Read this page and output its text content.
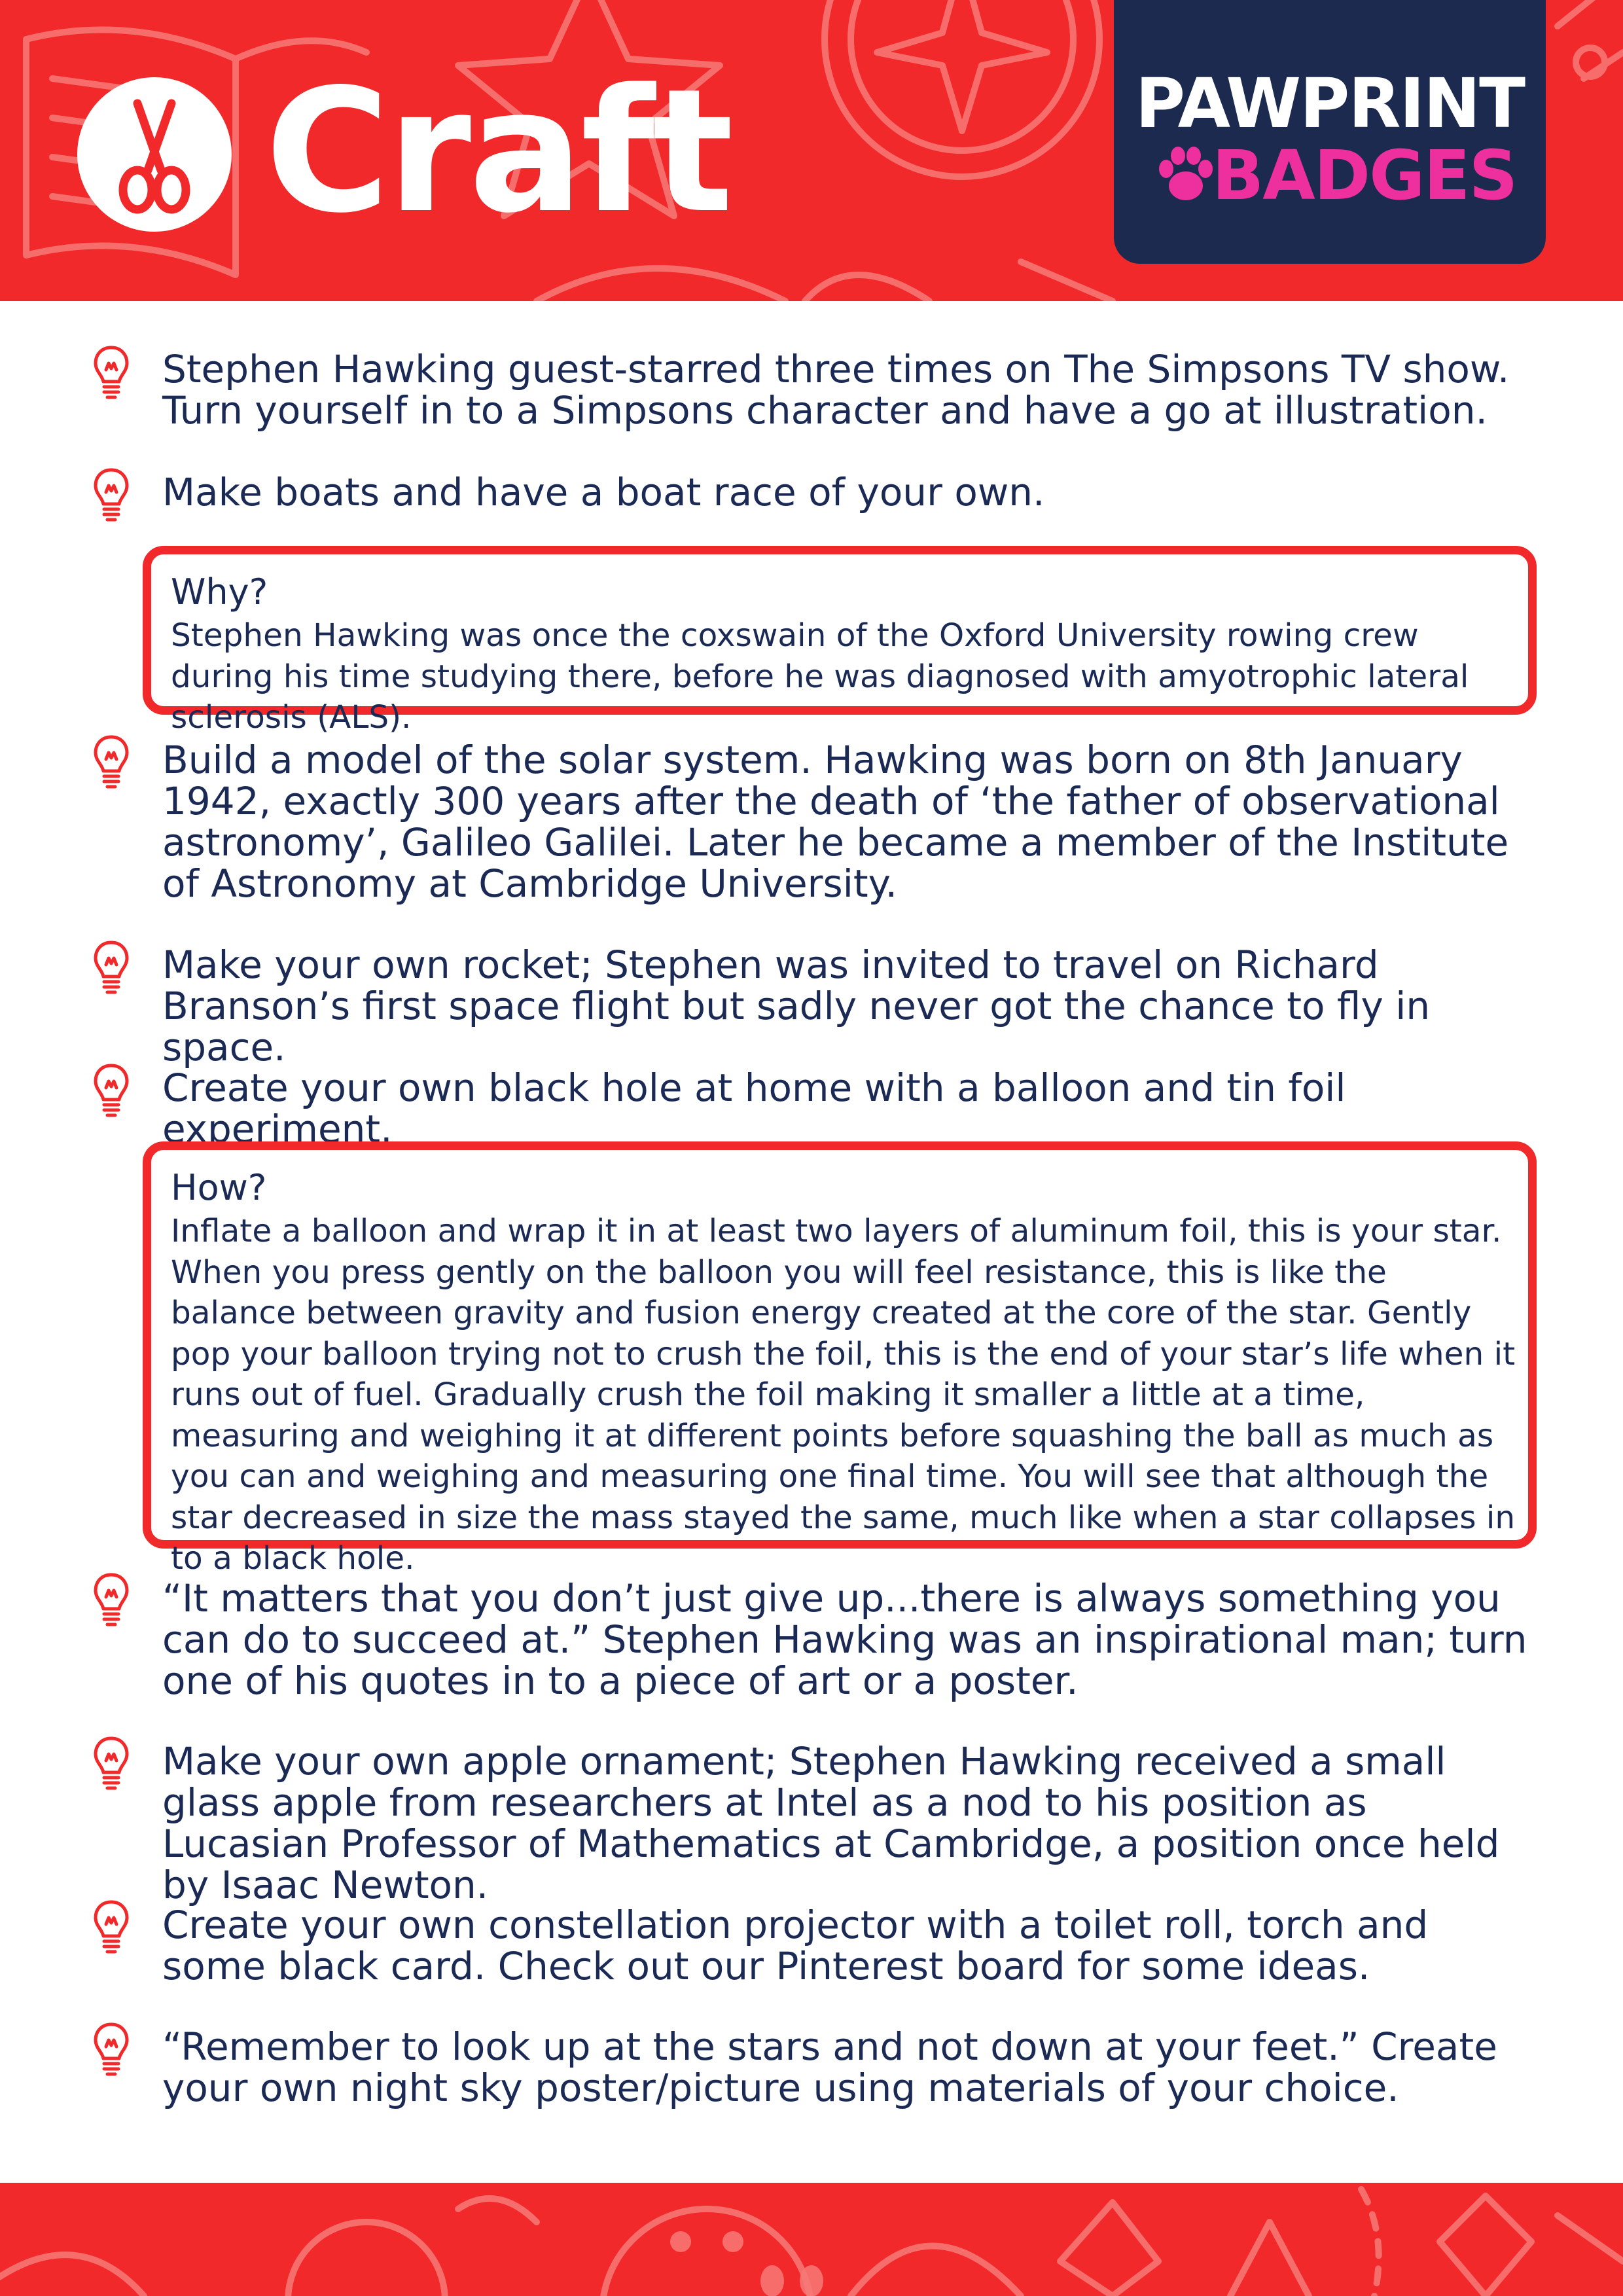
Craft	PAWPRINT
BADGES
Stephen Hawking guest-starred three times on The Simpsons TV show. Turn yourself in to a Simpsons character and have a go at illustration.
Make boats and have a boat race of your own.
Why?
Stephen Hawking was once the coxswain of the Oxford University rowing crew during his time studying there, before he was diagnosed with amyotrophic lateral sclerosis (ALS).
Build a model of the solar system. Hawking was born on 8th January 1942, exactly 300 years after the death of ‘the father of observational astronomy’, Galileo Galilei. Later he became a member of the Institute of Astronomy at Cambridge University.
Make your own rocket; Stephen was invited to travel on Richard Branson’s first space flight but sadly never got the chance to fly in space.
Create your own black hole at home with a balloon and tin foil experiment.
How?
Inflate a balloon and wrap it in at least two layers of aluminum foil, this is your star. When you press gently on the balloon you will feel resistance, this is like the balance between gravity and fusion energy created at the core of the star. Gently pop your balloon trying not to crush the foil, this is the end of your star’s life when it runs out of fuel. Gradually crush the foil making it smaller a little at a time, measuring and weighing it at different points before squashing the ball as much as you can and weighing and measuring one final time. You will see that although the star decreased in size the mass stayed the same, much like when a star collapses in to a black hole.
“It matters that you don’t just give up...there is always something you can do to succeed at.” Stephen Hawking was an inspirational man; turn one of his quotes in to a piece of art or a poster.
Make your own apple ornament; Stephen Hawking received a small glass apple from researchers at Intel as a nod to his position as Lucasian Professor of Mathematics at Cambridge, a position once held by Isaac Newton.
Create your own constellation projector with a toilet roll, torch and some black card. Check out our Pinterest board for some ideas.
“Remember to look up at the stars and not down at your feet.” Create your own night sky poster/picture using materials of your choice.
